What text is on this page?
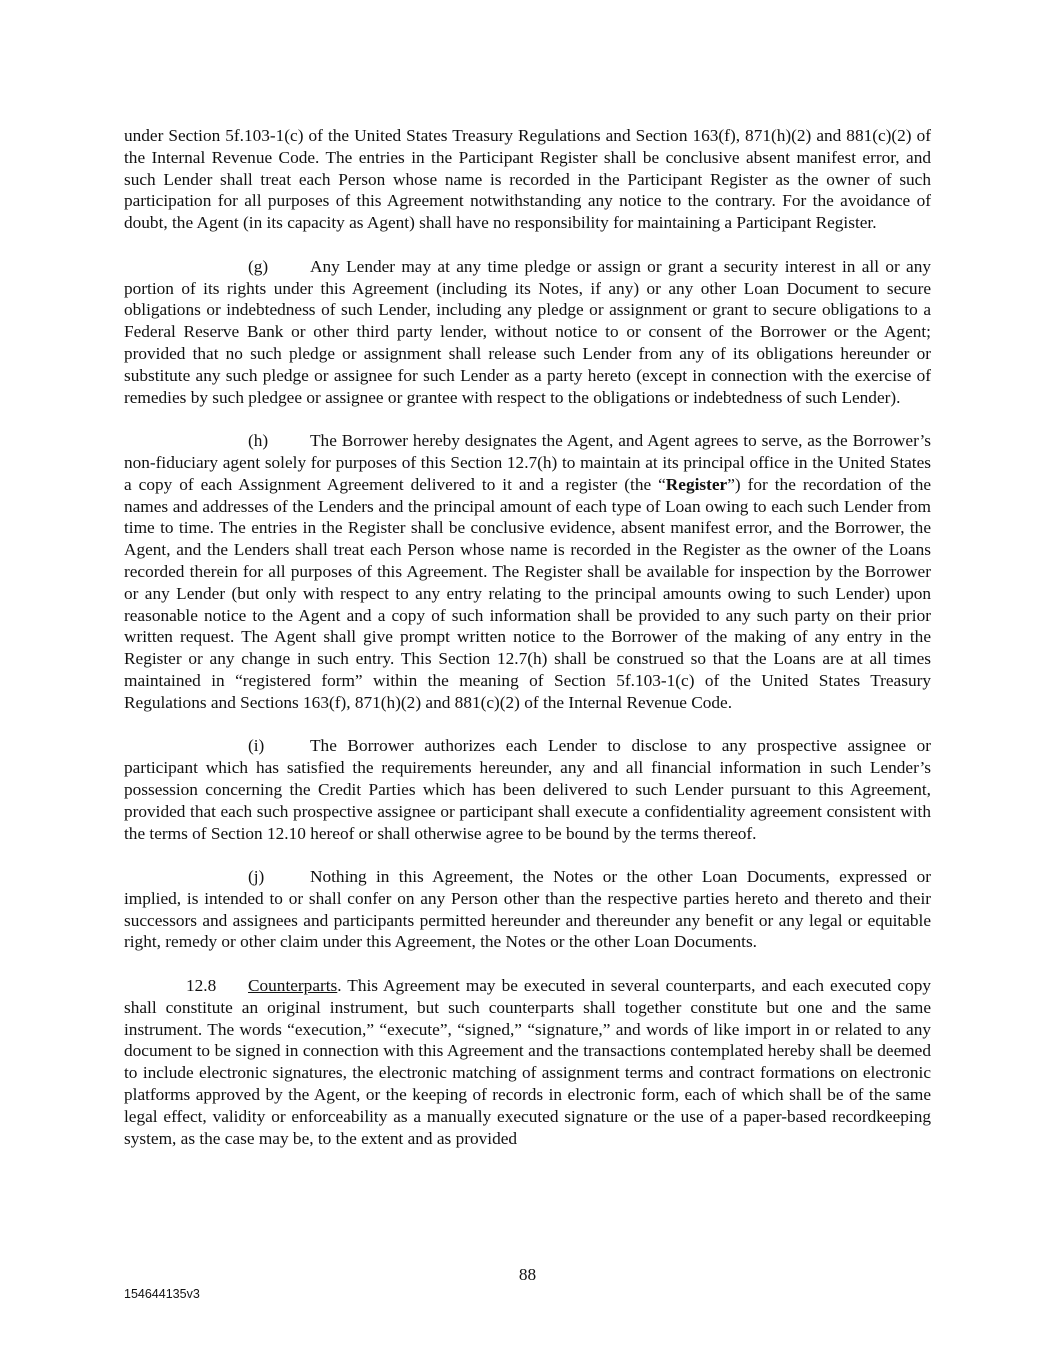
under Section 5f.103-1(c) of the United States Treasury Regulations and Section 163(f), 871(h)(2) and 881(c)(2) of the Internal Revenue Code. The entries in the Participant Register shall be conclusive absent manifest error, and such Lender shall treat each Person whose name is recorded in the Participant Register as the owner of such participation for all purposes of this Agreement notwithstanding any notice to the contrary. For the avoidance of doubt, the Agent (in its capacity as Agent) shall have no responsibility for maintaining a Participant Register.

(g) Any Lender may at any time pledge or assign or grant a security interest in all or any portion of its rights under this Agreement (including its Notes, if any) or any other Loan Document to secure obligations or indebtedness of such Lender, including any pledge or assignment or grant to secure obligations to a Federal Reserve Bank or other third party lender, without notice to or consent of the Borrower or the Agent; provided that no such pledge or assignment shall release such Lender from any of its obligations hereunder or substitute any such pledge or assignee for such Lender as a party hereto (except in connection with the exercise of remedies by such pledgee or assignee or grantee with respect to the obligations or indebtedness of such Lender).

(h) The Borrower hereby designates the Agent, and Agent agrees to serve, as the Borrower’s non-fiduciary agent solely for purposes of this Section 12.7(h) to maintain at its principal office in the United States a copy of each Assignment Agreement delivered to it and a register (the “Register”) for the recordation of the names and addresses of the Lenders and the principal amount of each type of Loan owing to each such Lender from time to time. The entries in the Register shall be conclusive evidence, absent manifest error, and the Borrower, the Agent, and the Lenders shall treat each Person whose name is recorded in the Register as the owner of the Loans recorded therein for all purposes of this Agreement. The Register shall be available for inspection by the Borrower or any Lender (but only with respect to any entry relating to the principal amounts owing to such Lender) upon reasonable notice to the Agent and a copy of such information shall be provided to any such party on their prior written request. The Agent shall give prompt written notice to the Borrower of the making of any entry in the Register or any change in such entry. This Section 12.7(h) shall be construed so that the Loans are at all times maintained in “registered form” within the meaning of Section 5f.103-1(c) of the United States Treasury Regulations and Sections 163(f), 871(h)(2) and 881(c)(2) of the Internal Revenue Code.

(i)	The Borrower authorizes each Lender to disclose to any prospective assignee or participant which has satisfied the requirements hereunder, any and all financial information in such Lender’s possession concerning the Credit Parties which has been delivered to such Lender pursuant to this Agreement, provided that each such prospective assignee or participant shall execute a confidentiality agreement consistent with the terms of Section 12.10 hereof or shall otherwise agree to be bound by the terms thereof.

(j)	Nothing in this Agreement, the Notes or the other Loan Documents, expressed or implied, is intended to or shall confer on any Person other than the respective parties hereto and thereto and their successors and assignees and participants permitted hereunder and thereunder any benefit or any legal or equitable right, remedy or other claim under this Agreement, the Notes or the other Loan Documents.

12.8 Counterparts. This Agreement may be executed in several counterparts, and each executed copy shall constitute an original instrument, but such counterparts shall together constitute but one and the same instrument. The words “execution,” “execute”, “signed,” “signature,” and words of like import in or related to any document to be signed in connection with this Agreement and the transactions contemplated hereby shall be deemed to include electronic signatures, the electronic matching of assignment terms and contract formations on electronic platforms approved by the Agent, or the keeping of records in electronic form, each of which shall be of the same legal effect, validity or enforceability as a manually executed signature or the use of a paper-based recordkeeping system, as the case may be, to the extent and as provided

88
154644135v3
